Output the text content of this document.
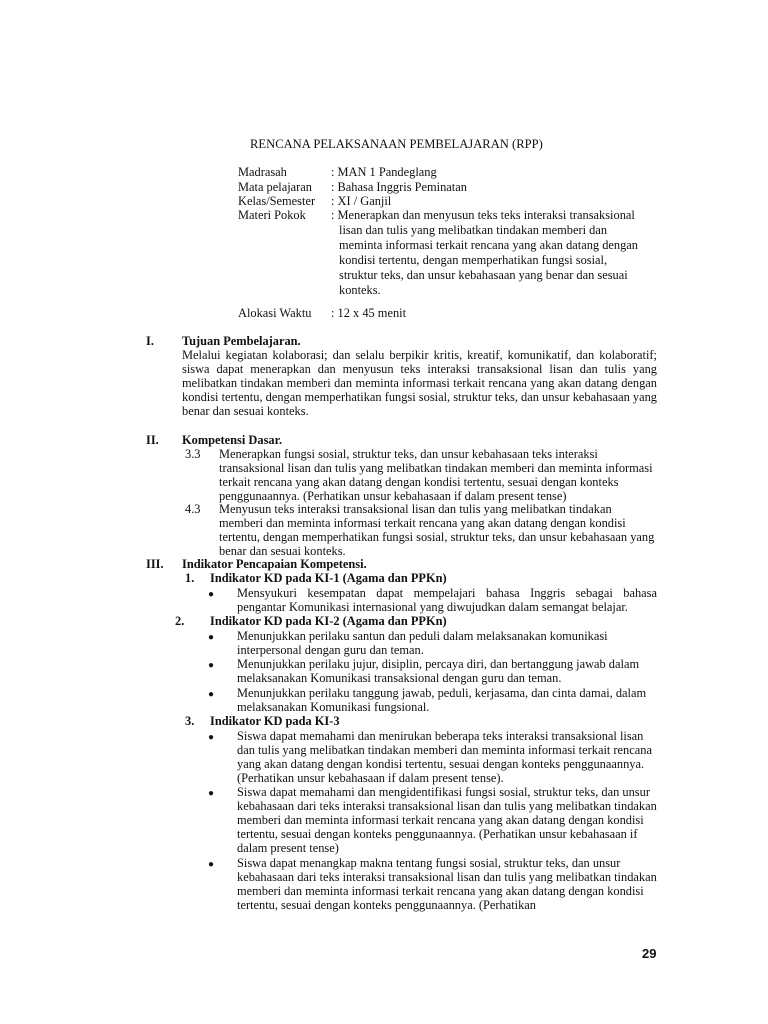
RENCANA PELAKSANAAN PEMBELAJARAN (RPP)
Madrasah	: MAN 1 Pandeglang
Mata pelajaran : Bahasa Inggris Peminatan
Kelas/Semester : XI / Ganjil
Materi Pokok : Menerapkan dan menyusun teks teks interaksi transaksional
lisan dan tulis yang melibatkan tindakan memberi dan
meminta informasi terkait rencana yang akan datang dengan
kondisi tertentu, dengan memperhatikan fungsi sosial,
struktur teks, dan unsur kebahasaan yang benar dan sesuai
konteks.
Alokasi Waktu : 12 x 45 menit
I. Tujuan Pembelajaran.
Melalui kegiatan kolaborasi; dan selalu berpikir kritis, kreatif, komunikatif, dan kolaboratif; siswa dapat menerapkan dan menyusun teks interaksi transaksional lisan dan tulis yang melibatkan tindakan memberi dan meminta informasi terkait rencana yang akan datang dengan kondisi tertentu, dengan memperhatikan fungsi sosial, struktur teks, dan unsur kebahasaan yang benar dan sesuai konteks.
II. Kompetensi Dasar.
3.3 Menerapkan fungsi sosial, struktur teks, dan unsur kebahasaan teks interaksi transaksional lisan dan tulis yang melibatkan tindakan memberi dan meminta informasi terkait rencana yang akan datang dengan kondisi tertentu, sesuai dengan konteks penggunaannya. (Perhatikan unsur kebahasaan if dalam present tense)
4.3 Menyusun teks interaksi transaksional lisan dan tulis yang melibatkan tindakan memberi dan meminta informasi terkait rencana yang akan datang dengan kondisi tertentu, dengan memperhatikan fungsi sosial, struktur teks, dan unsur kebahasaan yang benar dan sesuai konteks.
III. Indikator Pencapaian Kompetensi.
1. Indikator KD pada KI-1 (Agama dan PPKn)
● Mensyukuri kesempatan dapat mempelajari bahasa Inggris sebagai bahasa pengantar Komunikasi internasional yang diwujudkan dalam semangat belajar.
2. Indikator KD pada KI-2 (Agama dan PPKn)
● Menunjukkan perilaku santun dan peduli dalam melaksanakan komunikasi interpersonal dengan guru dan teman.
● Menunjukkan perilaku jujur, disiplin, percaya diri, dan bertanggung jawab dalam melaksanakan Komunikasi transaksional dengan guru dan teman.
● Menunjukkan perilaku tanggung jawab, peduli, kerjasama, dan cinta damai, dalam melaksanakan Komunikasi fungsional.
3. Indikator KD pada KI-3
● Siswa dapat memahami dan menirukan beberapa teks interaksi transaksional lisan dan tulis yang melibatkan tindakan memberi dan meminta informasi terkait rencana yang akan datang dengan kondisi tertentu, sesuai dengan konteks penggunaannya. (Perhatikan unsur kebahasaan if dalam present tense).
● Siswa dapat memahami dan mengidentifikasi fungsi sosial, struktur teks, dan unsur kebahasaan dari teks interaksi transaksional lisan dan tulis yang melibatkan tindakan memberi dan meminta informasi terkait rencana yang akan datang dengan kondisi tertentu, sesuai dengan konteks penggunaannya. (Perhatikan unsur kebahasaan if dalam present tense)
● Siswa dapat menangkap makna tentang fungsi sosial, struktur teks, dan unsur kebahasaan dari teks interaksi transaksional lisan dan tulis yang melibatkan tindakan memberi dan meminta informasi terkait rencana yang akan datang dengan kondisi tertentu, sesuai dengan konteks penggunaannya. (Perhatikan
29
